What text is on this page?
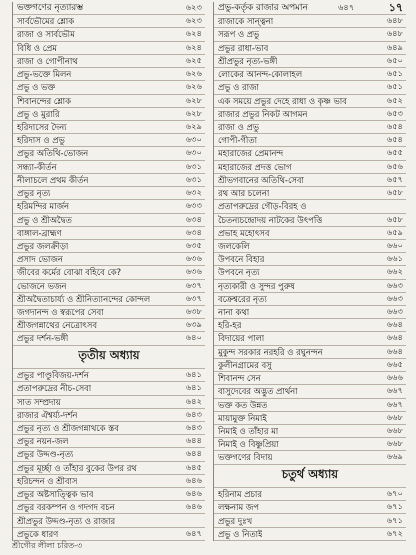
ভক্তগণের নৃত্যারম্ভ	৬২৩
সার্বভৌমের শ্লোক	৬২৩
রাজা ও সার্বভৌম	৬২৪
বিধি ও প্রেম	৬২৪
রাজা ও গোপীনাথ	৬২৫
প্রভু-ভক্তে মিলন	৬২৬
প্রভু ও ভক্ত	৬২৬
শিবানন্দের শ্লোক	৬২৮
প্রভু ও মুরারি	৬২৮
হরিদাসের দৈন্য	৬২৯
হরিদাস ও প্রভু	৬৩০
প্রভুর অতিথি-ভোজন	৬৩০
সন্ধ্যা-কীর্তন	৬৩১
নীলাচলে প্রথম কীর্তন	৬৩১
প্রভুর নৃত্য	৬৩২
হরিমন্দির মার্জন	৬৩৩
প্রভু ও শ্রীঅদ্বৈত	৬৩৪
বাঙ্গাল-ব্রাহ্মণ	৬৩৪
প্রভুর জলক্রীড়া	৬৩৫
প্রসাদ ভোজন	৬৩৬
জীবের কর্মের বোঝা বহিবে কে?	৬৩৬
ভোজনে ভজন	৬৩৭
শ্রীঅদ্বৈতাচার্য্য ও শ্রীনিত্যানন্দের কোন্দল	৬৩৭
জগদানন্দ ও স্বরূপের সেবা	৬৩৮
শ্রীজগন্নাথের নেত্রোৎসব	৬৩৯
প্রভুর দর্শন-ভঙ্গী	৬৪০
তৃতীয় অধ্যায়
প্রভুর পাণ্ডুবিজয়-দর্শন	৬৪১
প্রতাপরুদ্রের নীচ-সেবা	৬৪১
সাত সম্প্রদায়	৬৪২
রাজার ঐশ্বর্য্য-দর্শন	৬৪৩
প্রভুর নৃত্য ও শ্রীজগন্নাথকে স্তব	৬৪৩
প্রভুর নয়ন-জল	৬৪৪
প্রভুর উদ্দণ্ড-নৃত্য	৬৪৪
প্রভুর মূর্চ্ছা ও তাঁহার বুকের উপর রথ	৬৪৫
হরিচন্দন ও শ্রীবাস	৬৪৬
প্রভুর অষ্টসাত্ত্বিক ভাব	৬৪৬
প্রভুর বরকম্পন ও গদগদ বচন	৬৪৬
শ্রীপ্রভুর উদ্দণ্ড-নৃত্য ও রাজার
প্রভুকে ধারণ	৬৪৭
প্রভু-কর্তৃক রাজার অপমান	৬৪৭	১৭
রাজাকে সান্ত্বনা	৬৪৮
সরূপ ও প্রভু	৬৪৮
প্রভুর রাধা-ভাব	৬৪৯
শ্রীপ্রভুর নৃত্য-ভঙ্গী	৬৫০
লোকের আনন্দ-কোলাহল	৬৫১
প্রভু ও রাজা	৬৫১
এক সময়ে প্রভুর দেহে রাধা ও কৃষ্ণ ভাব	৬৫২
রাজার প্রভুর নিকট আগমন	৬৫৩
রাজা ও প্রভু	৬৫৪
গোপী-গীতা	৬৫৪
মহারাজের প্রেমানন্দ	৬৫৫
মহারাজের প্রদত্ত ভোগ	৬৫৬
শ্রীভগবানের অতিথি-সেবা	৬৫৭
রথ আর চলেনা	৬৫৮
প্রতাপরুদ্রের গৌড়-বিরহ ও
চৈতন্যচন্দ্রোদয় নাটকের উৎপত্তি	৬৫৮
প্রভাহ মহোৎসব	৬৫৯
জলকেলি	৬৬০
উপবনে বিহার	৬৬১
উপবনে নৃত্য	৬৬২
নৃত্যকারী ও সুন্দর পুরুষ	৬৬৩
বক্রেশ্বরের নৃত্য	৬৬৩
নানা কথা	৬৬৩
হরি-হর	৬৬৪
বিদায়ের পালা	৬৬৪
মুকুন্দ সরকার নরহরি ও রঘুনন্দন	৬৬৪
কুলীনগ্রামের বসু	৬৬৫
শিবানন্দ সেন	৬৬৬
বাসুদেবের অদ্ভুত প্রার্থনা	৬৬৭
ভক্ত কত উন্নত	৬৬৭
মায়ামুক্ত নিমাই	৬৬৮
নিমাই ও তাঁহার মা	৬৬৮
নিমাই ও বিষ্ণুপ্রিয়া	৬৬৮
ভক্তগণের বিদায়	৬৬৯
চতুর্থ অধ্যায়
হরিনাম প্রচার	৬৭০
লক্ষনাম জপ	৬৭১
প্রভুর দুঃখ	৬৭১
প্রভু ও নিতাই	৬৭২
শ্রীগৌর লীলা চরিত-৩
